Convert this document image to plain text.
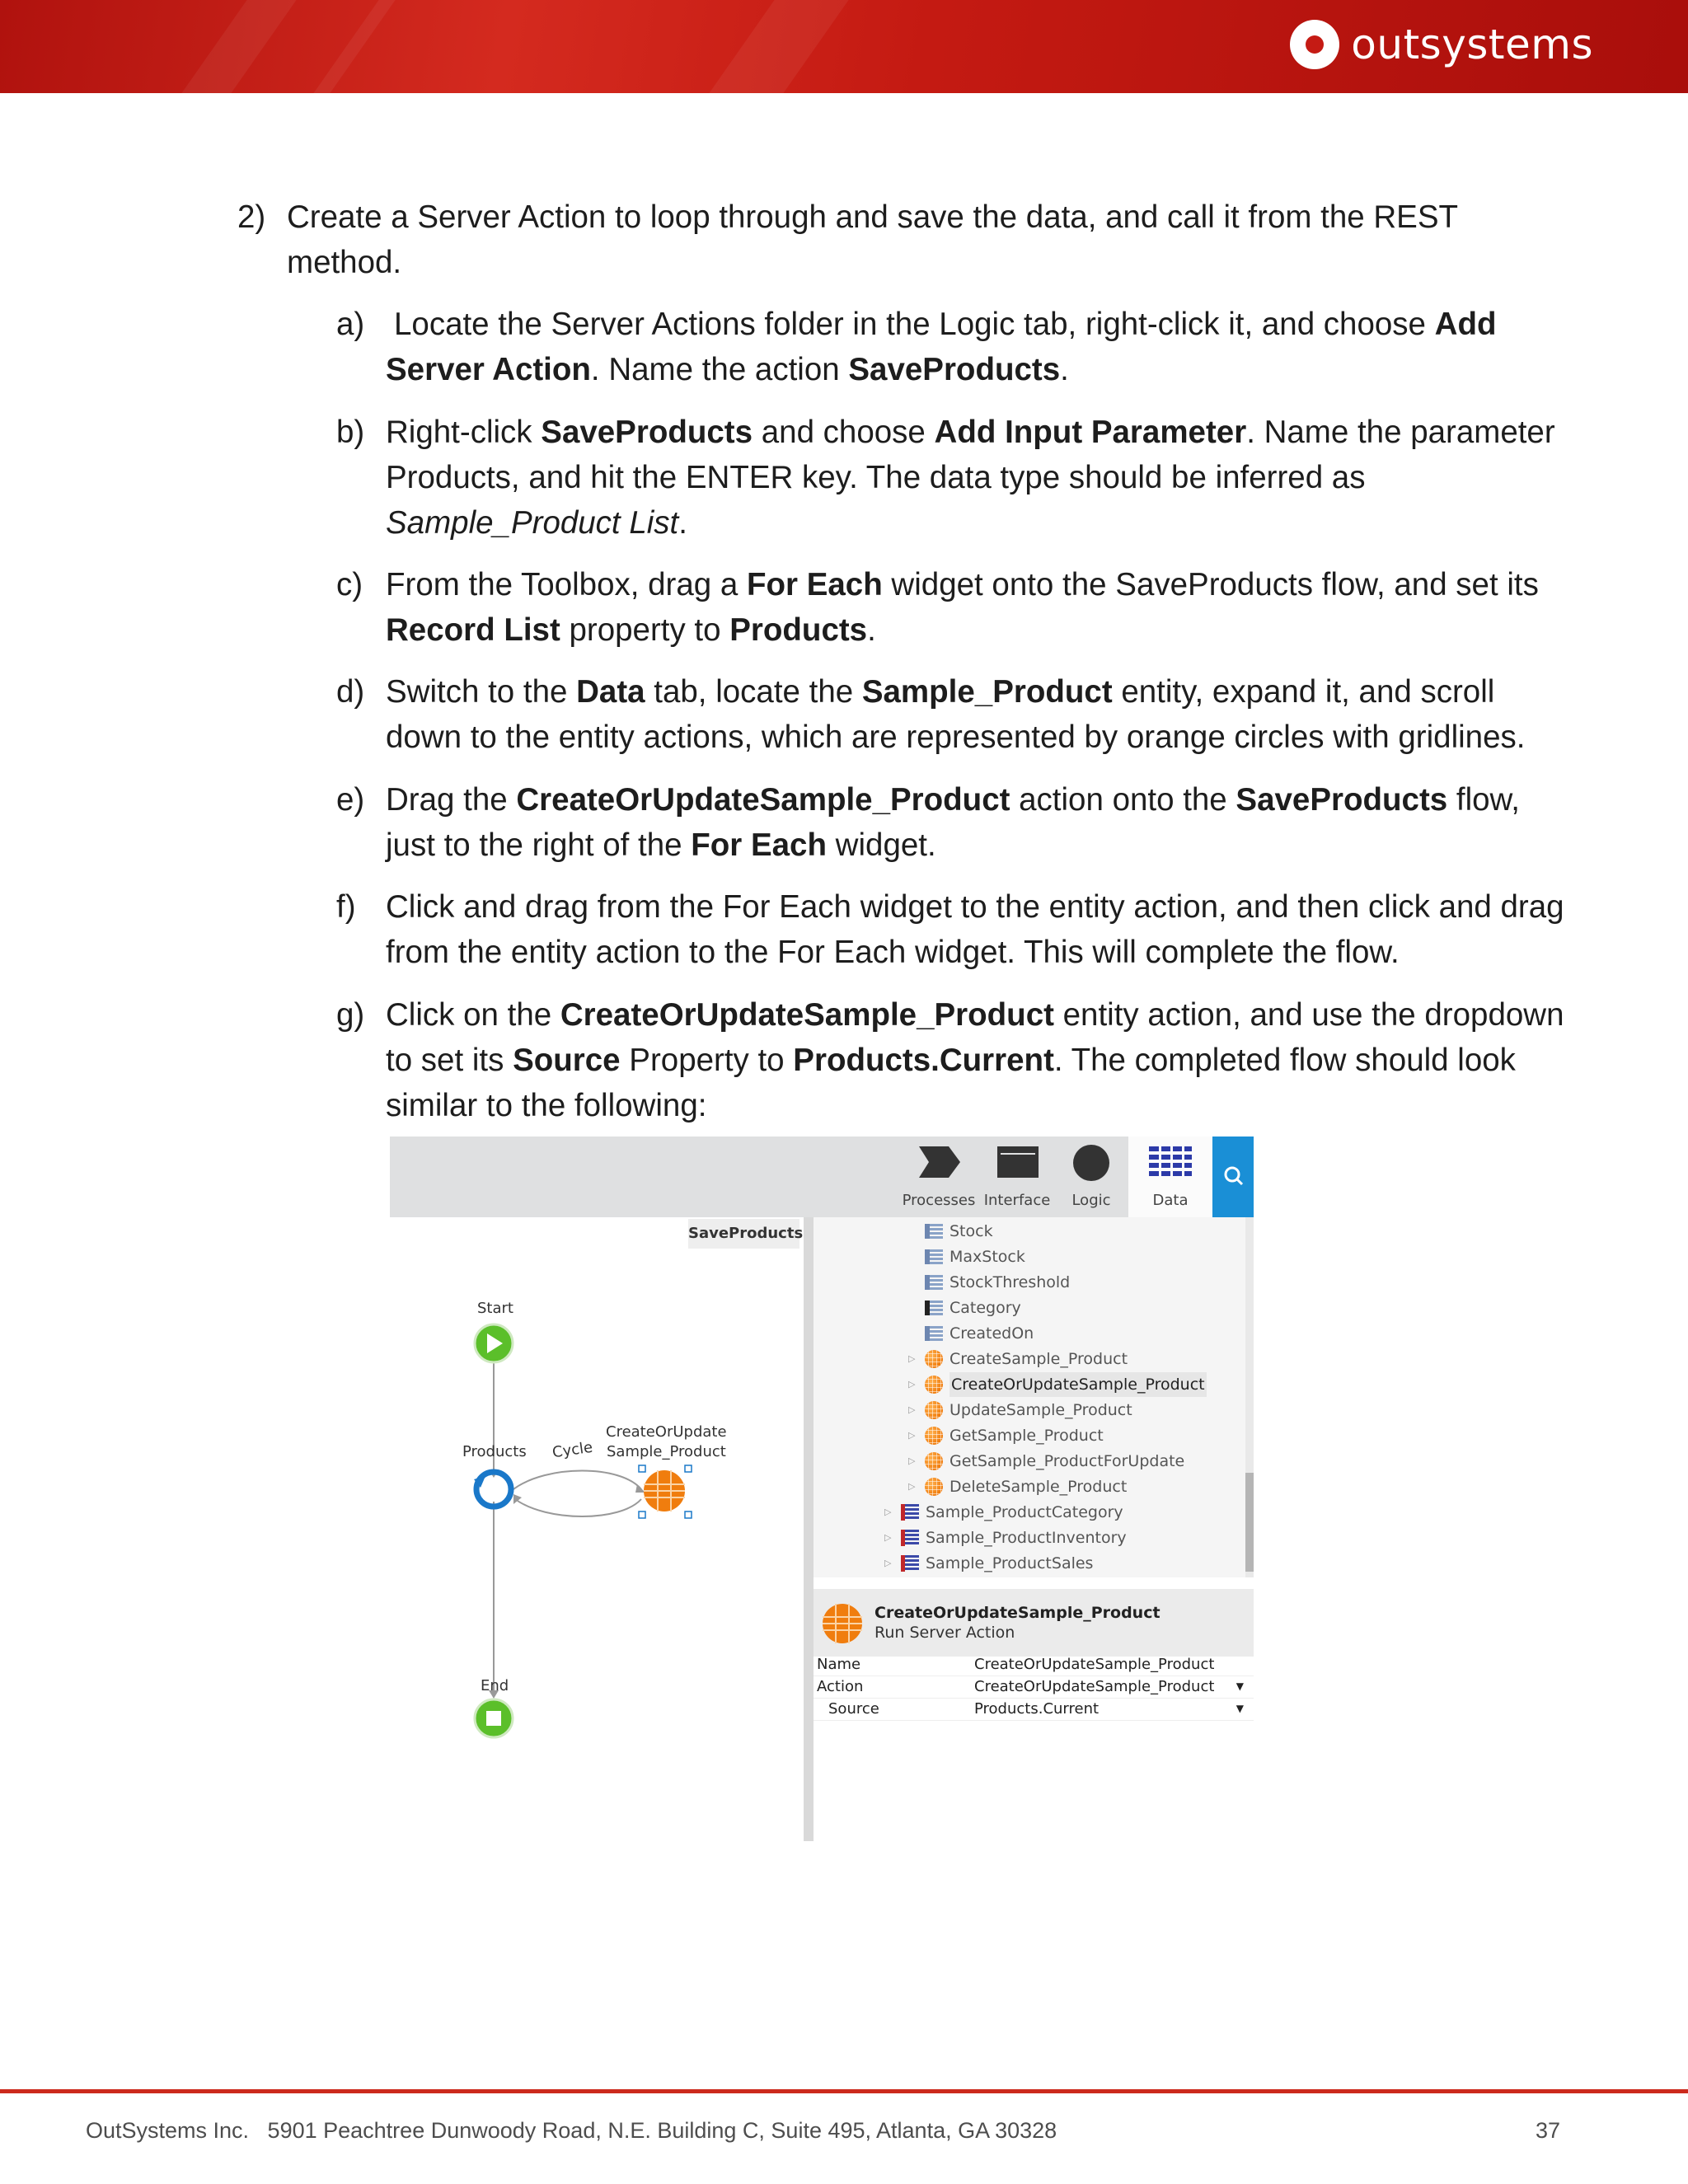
outsystems
2) Create a Server Action to loop through and save the data, and call it from the REST method.
a) Locate the Server Actions folder in the Logic tab, right-click it, and choose Add Server Action. Name the action SaveProducts.
b) Right-click SaveProducts and choose Add Input Parameter. Name the parameter Products, and hit the ENTER key. The data type should be inferred as Sample_Product List.
c) From the Toolbox, drag a For Each widget onto the SaveProducts flow, and set its Record List property to Products.
d) Switch to the Data tab, locate the Sample_Product entity, expand it, and scroll down to the entity actions, which are represented by orange circles with gridlines.
e) Drag the CreateOrUpdateSample_Product action onto the SaveProducts flow, just to the right of the For Each widget.
f) Click and drag from the For Each widget to the entity action, and then click and drag from the entity action to the For Each widget. This will complete the flow.
g) Click on the CreateOrUpdateSample_Product entity action, and use the dropdown to set its Source Property to Products.Current. The completed flow should look similar to the following:
Processes Interface	Logic	Data
SaveProducts
Start
Products Cycle
CreateOrUpdate
Sample_Product
End
Stock
MaxStock
StockThreshold
Category
CreatedOn
▷ CreateSample_Product
▷ CreateOrUpdateSample_Product
▷ UpdateSample_Product
▷ GetSample_Product
▷ GetSample_ProductForUpdate
▷ DeleteSample_Product
▷ Sample_ProductCategory
▷ Sample_ProductInventory
▷ Sample_ProductSales
CreateOrUpdateSample_Product
Run Server Action
Name	CreateOrUpdateSample_Product
Action	CreateOrUpdateSample_Product ▼
Source	Products.Current	▼
OutSystems Inc.   5901 Peachtree Dunwoody Road, N.E. Building C, Suite 495, Atlanta, GA 30328	37
